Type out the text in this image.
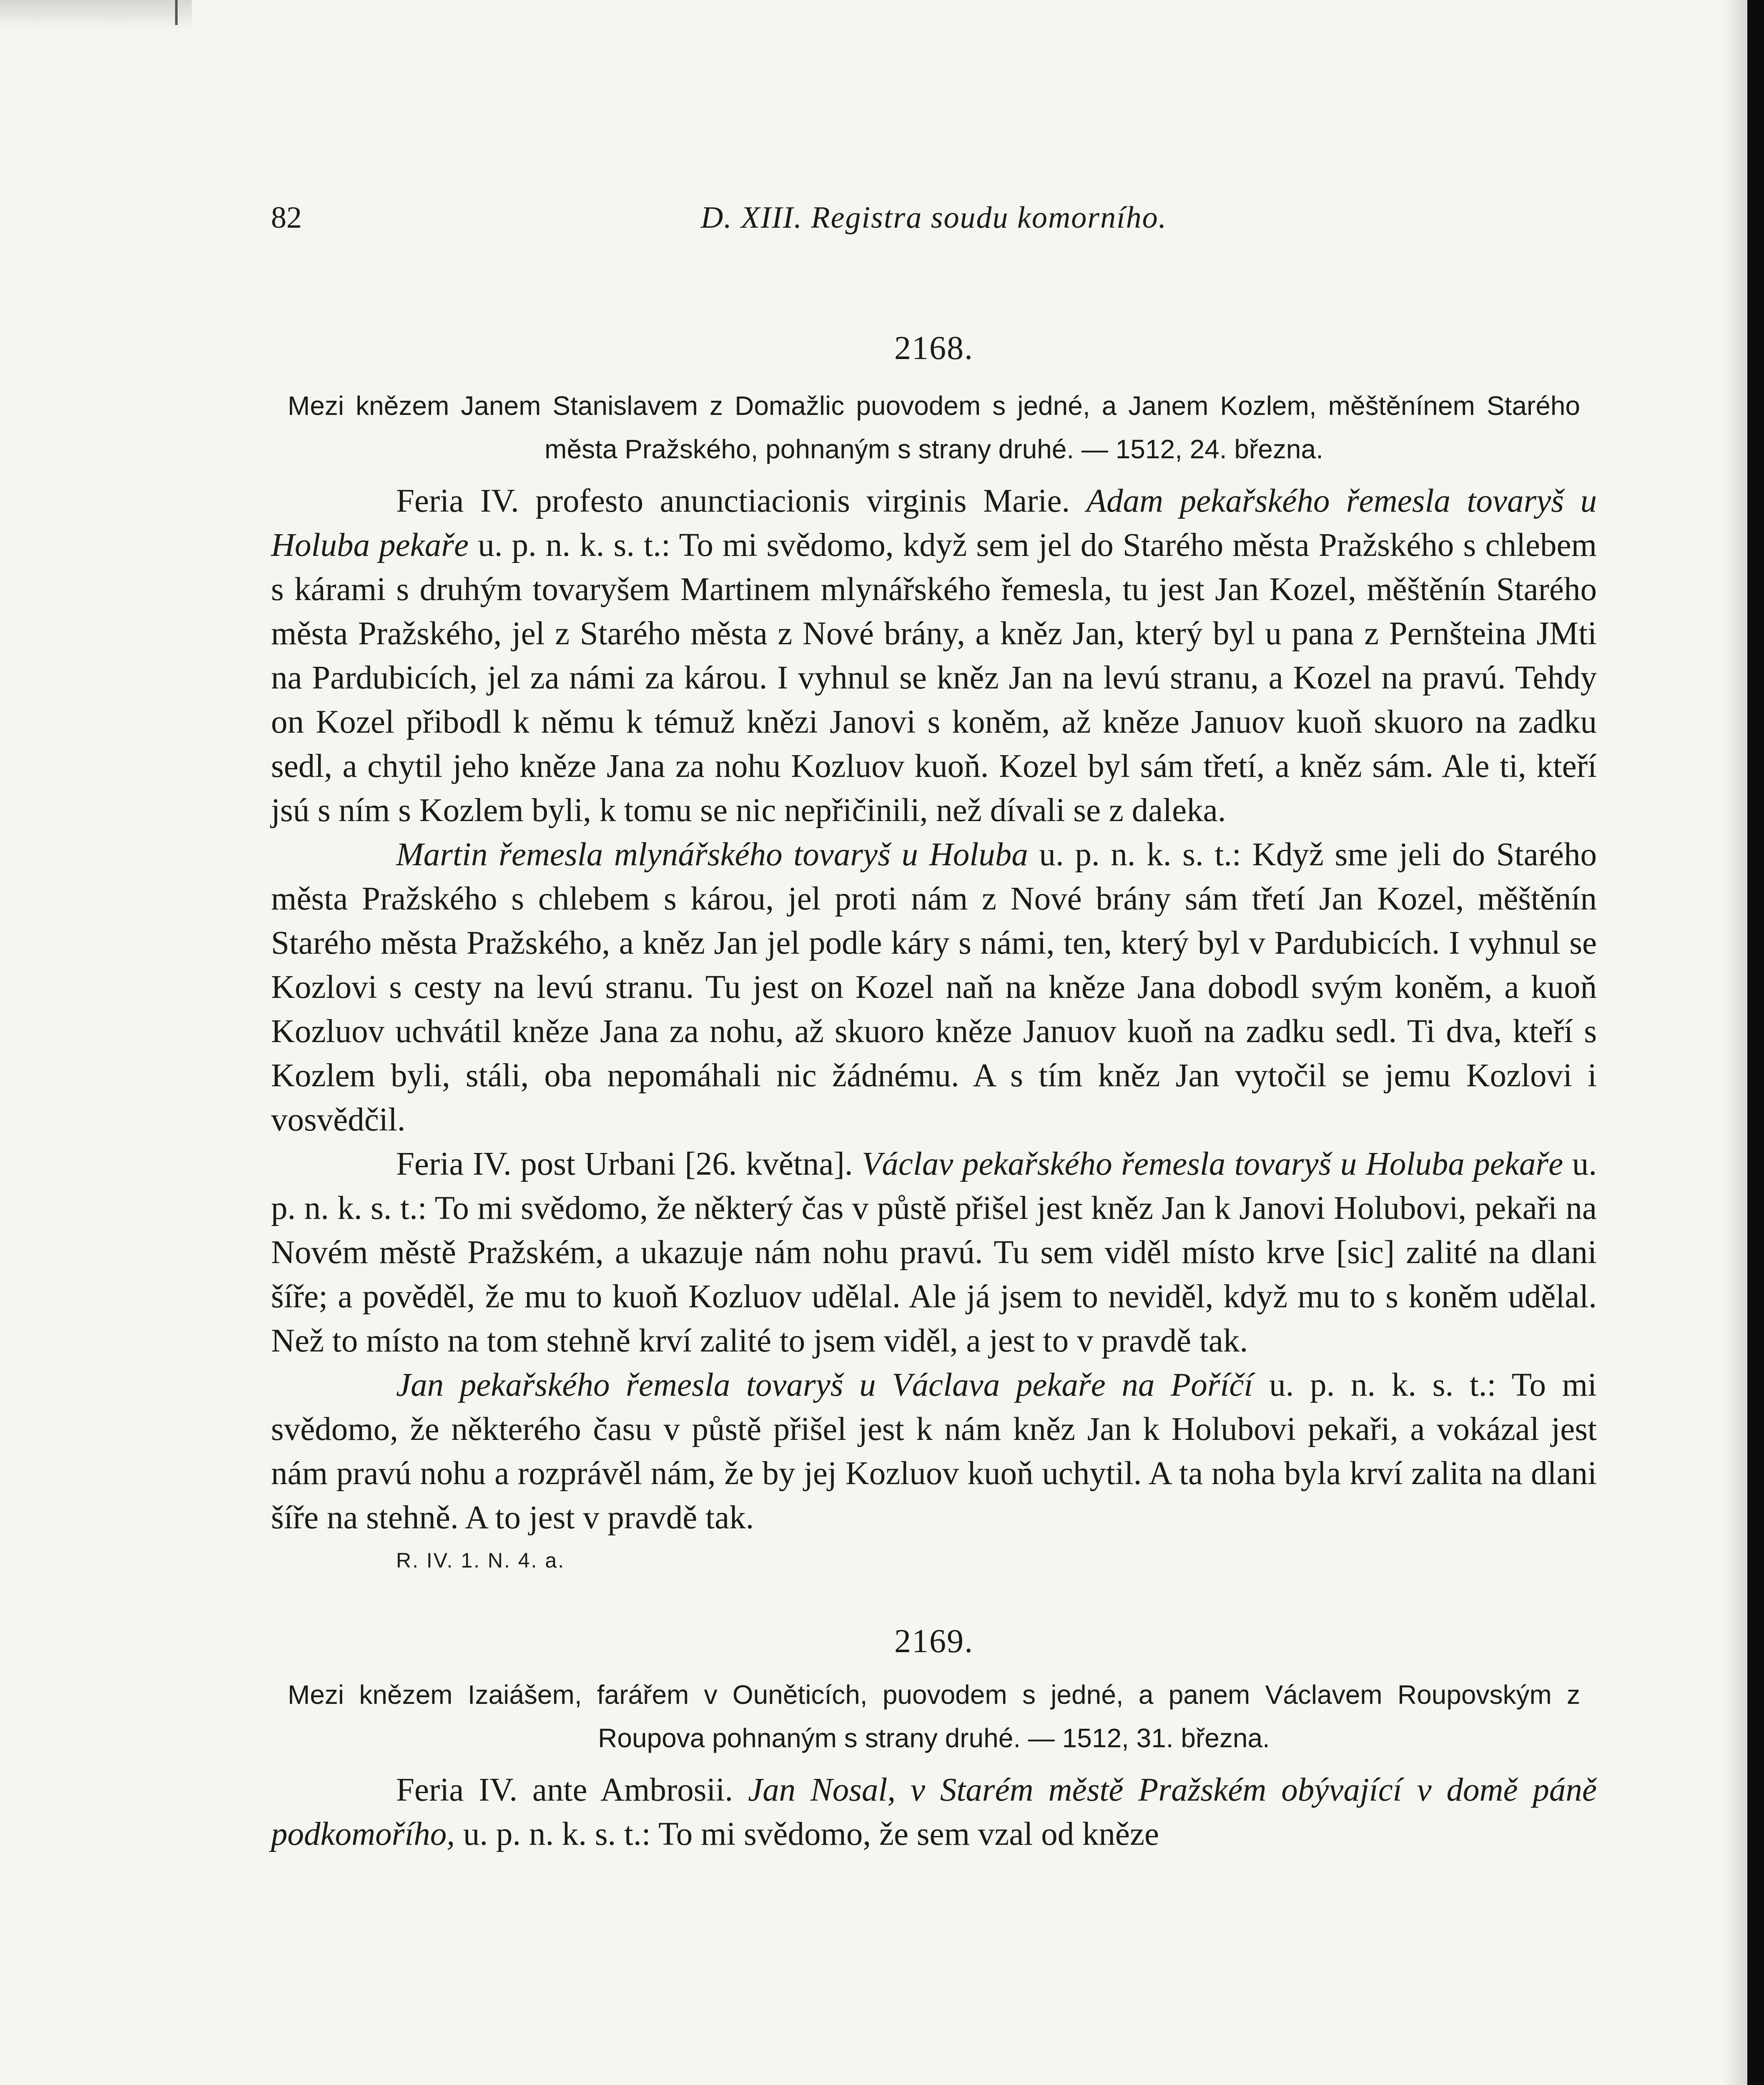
82	D. XIII. Registra soudu komorního.
2168.
Mezi knězem Janem Stanislavem z Domažlic puovodem s jedné, a Janem Kozlem, měštěnínem Starého města Pražského, pohnaným s strany druhé. — 1512, 24. března.

Feria IV. profesto anunctiacionis virginis Marie. Adam pekařského řemesla tovaryš u Holuba pekaře u. p. n. k. s. t.: To mi svědomo, když sem jel do Starého města Pražského s chlebem s kárami s druhým tovaryšem Martinem mlynářského řemesla, tu jest Jan Kozel, měštěnín Starého města Pražského, jel z Starého města z Nové brány, a kněz Jan, který byl u pana z Pernšteina JMti na Pardubicích, jel za námi za károu. I vyhnul se kněz Jan na levú stranu, a Kozel na pravú. Tehdy on Kozel přibodl k němu k témuž knězi Janovi s koněm, až kněze Januov kuoň skuoro na zadku sedl, a chytil jeho kněze Jana za nohu Kozluov kuoň. Kozel byl sám třetí, a kněz sám. Ale ti, kteří jsú s ním s Kozlem byli, k tomu se nic nepřičinili, než dívali se z daleka.

Martin řemesla mlynářského tovaryš u Holuba u. p. n. k. s. t.: Když sme jeli do Starého města Pražského s chlebem s károu, jel proti nám z Nové brány sám třetí Jan Kozel, měštěnín Starého města Pražského, a kněz Jan jel podle káry s námi, ten, který byl v Pardubicích. I vyhnul se Kozlovi s cesty na levú stranu. Tu jest on Kozel naň na kněze Jana dobodl svým koněm, a kuoň Kozluov uchvátil kněze Jana za nohu, až skuoro kněze Januov kuoň na zadku sedl. Ti dva, kteří s Kozlem byli, stáli, oba nepomáhali nic žádnému. A s tím kněz Jan vytočil se jemu Kozlovi i vosvědčil.

Feria IV. post Urbani [26. května]. Václav pekařského řemesla tovaryš u Holuba pekaře u. p. n. k. s. t.: To mi svědomo, že některý čas v půstě přišel jest kněz Jan k Janovi Holubovi, pekaři na Novém městě Pražském, a ukazuje nám nohu pravú. Tu sem viděl místo krve [sic] zalité na dlani šíře; a pověděl, že mu to kuoň Kozluov udělal. Ale já jsem to neviděl, když mu to s koněm udělal. Než to místo na tom stehně krví zalité to jsem viděl, a jest to v pravdě tak.

Jan pekařského řemesla tovaryš u Václava pekaře na Poříčí u. p. n. k. s. t.: To mi svědomo, že některého času v půstě přišel jest k nám kněz Jan k Holubovi pekaři, a vokázal jest nám pravú nohu a rozprávěl nám, že by jej Kozluov kuoň uchytil. A ta noha byla krví zalita na dlani šíře na stehně. A to jest v pravdě tak.

R. IV. 1. N. 4. a.
2169.
Mezi knězem Izaiášem, farářem v Ouněticích, puovodem s jedné, a panem Václavem Roupovským z Roupova pohnaným s strany druhé. — 1512, 31. března.

Feria IV. ante Ambrosii. Jan Nosal, v Starém městě Pražském obývající v domě páně podkomořího, u. p. n. k. s. t.: To mi svědomo, že sem vzal od kněze
